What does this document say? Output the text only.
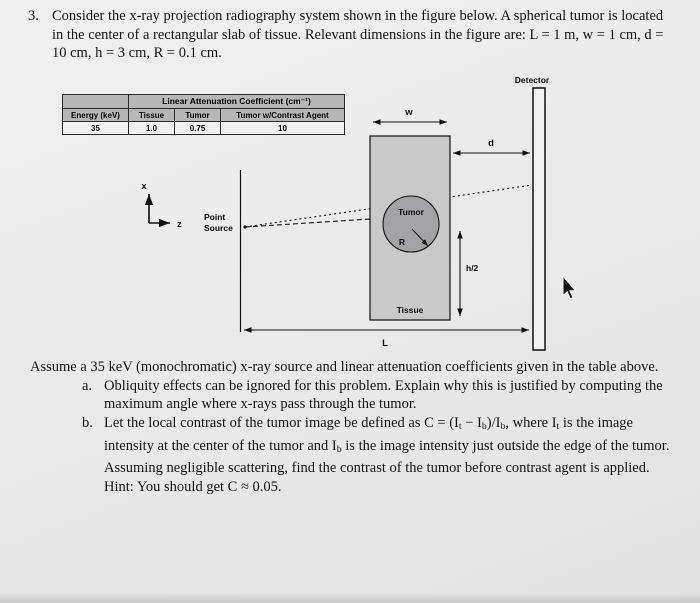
3. Consider the x-ray projection radiography system shown in the figure below. A spherical tumor is located in the center of a rectangular slab of tissue. Relevant dimensions in the figure are: L = 1 m, w = 1 cm, d = 10 cm, h = 3 cm, R = 0.1 cm.
x
z
Tumor
R
Tissue
Detector
Point
Source
w
d
h/2
L
	Linear Attenuation Coefficient (cm⁻¹)		
Energy (keV)	Tissue	Tumor	Tumor w/Contrast Agent
35	1.0	0.75	10
Assume a 35 keV (monochromatic) x-ray source and linear attenuation coefficients given in the table above.
a. Obliquity effects can be ignored for this problem. Explain why this is justified by computing the maximum angle where x-rays pass through the tumor.
b. Let the local contrast of the tumor image be defined as $C = (I_t - I_b)/I_b$, where $I_t$ is the image intensity at the center of the tumor and $I_b$ is the image intensity just outside the edge of the tumor. Assuming negligible scattering, find the contrast of the tumor before contrast agent is applied. Hint: You should get C ≈ 0.05.
